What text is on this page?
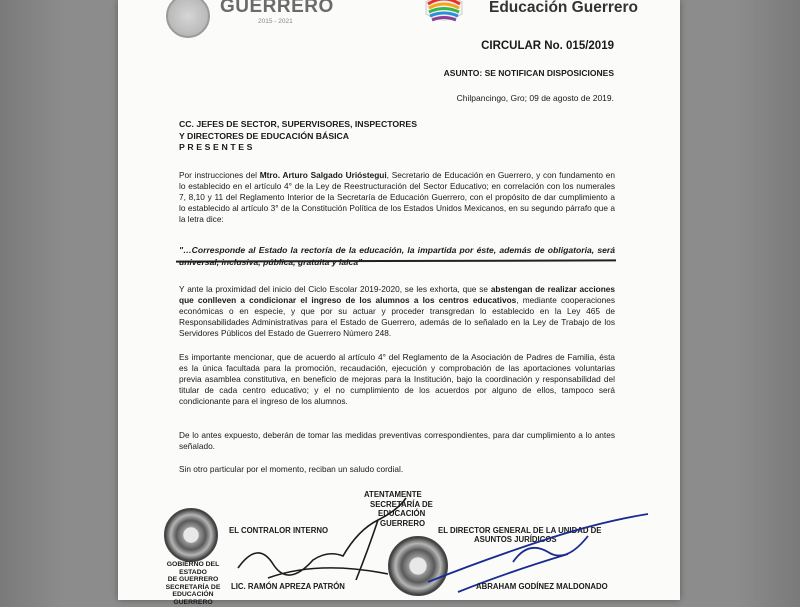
GUERRERO
2015 - 2021
Educación Guerrero
CIRCULAR No. 015/2019
ASUNTO: SE NOTIFICAN DISPOSICIONES
Chilpancingo, Gro; 09 de agosto de 2019.
CC. JEFES DE SECTOR, SUPERVISORES, INSPECTORES
Y DIRECTORES DE EDUCACIÓN BÁSICA
PRESENTES

Por instrucciones del Mtro. Arturo Salgado Urióstegui, Secretario de Educación en Guerrero, y con fundamento en lo establecido en el artículo 4° de la Ley de Reestructuración del Sector Educativo; en correlación con los numerales 7, 8,10 y 11 del Reglamento Interior de la Secretaría de Educación Guerrero, con el propósito de dar cumplimiento a lo establecido al artículo 3° de la Constitución Política de los Estados Unidos Mexicanos, en su segundo párrafo que a la letra dice:

"…Corresponde al Estado la rectoría de la educación, la impartida por éste, además de obligatoria, será

Y ante la proximidad del inicio del Ciclo Escolar 2019-2020, se les exhorta, que se abstengan de realizar acciones que conlleven a condicionar el ingreso de los alumnos a los centros educativos, mediante cooperaciones económicas o en especie, y que por su actuar y proceder transgredan lo establecido en la Ley 465 de Responsabilidades Administrativas para el Estado de Guerrero, además de lo señalado en la Ley de Trabajo de los Servidores Públicos del Estado de Guerrero Número 248.

Es importante mencionar, que de acuerdo al artículo 4° del Reglamento de la Asociación de Padres de Familia, ésta es la única facultada para la promoción, recaudación, ejecución y comprobación de las aportaciones voluntarias previa asamblea constitutiva, en beneficio de mejoras para la Institución, bajo la coordinación y responsabilidad del titular de cada centro educativo; y el no cumplimiento de los acuerdos por alguno de ellos, tampoco será condicionante para el ingreso de los alumnos.

De lo antes expuesto, deberán de tomar las medidas preventivas correspondientes, para dar cumplimiento a lo antes señalado.

Sin otro particular por el momento, reciban un saludo cordial.

GOBIERNO DEL ESTADO
DE GUERRERO
SECRETARÍA DE
EDUCACIÓN GUERRERO
EL CONTRALOR INTERNO
ATENTAMENTE
SECRETARÍA DE
EDUCACIÓN
GUERRERO
EL DIRECTOR GENERAL DE LA UNIDAD DE
ASUNTOS JURÍDICOS
LIC. RAMÓN APREZA PATRÓN	ABRAHAM GODÍNEZ MALDONADO
